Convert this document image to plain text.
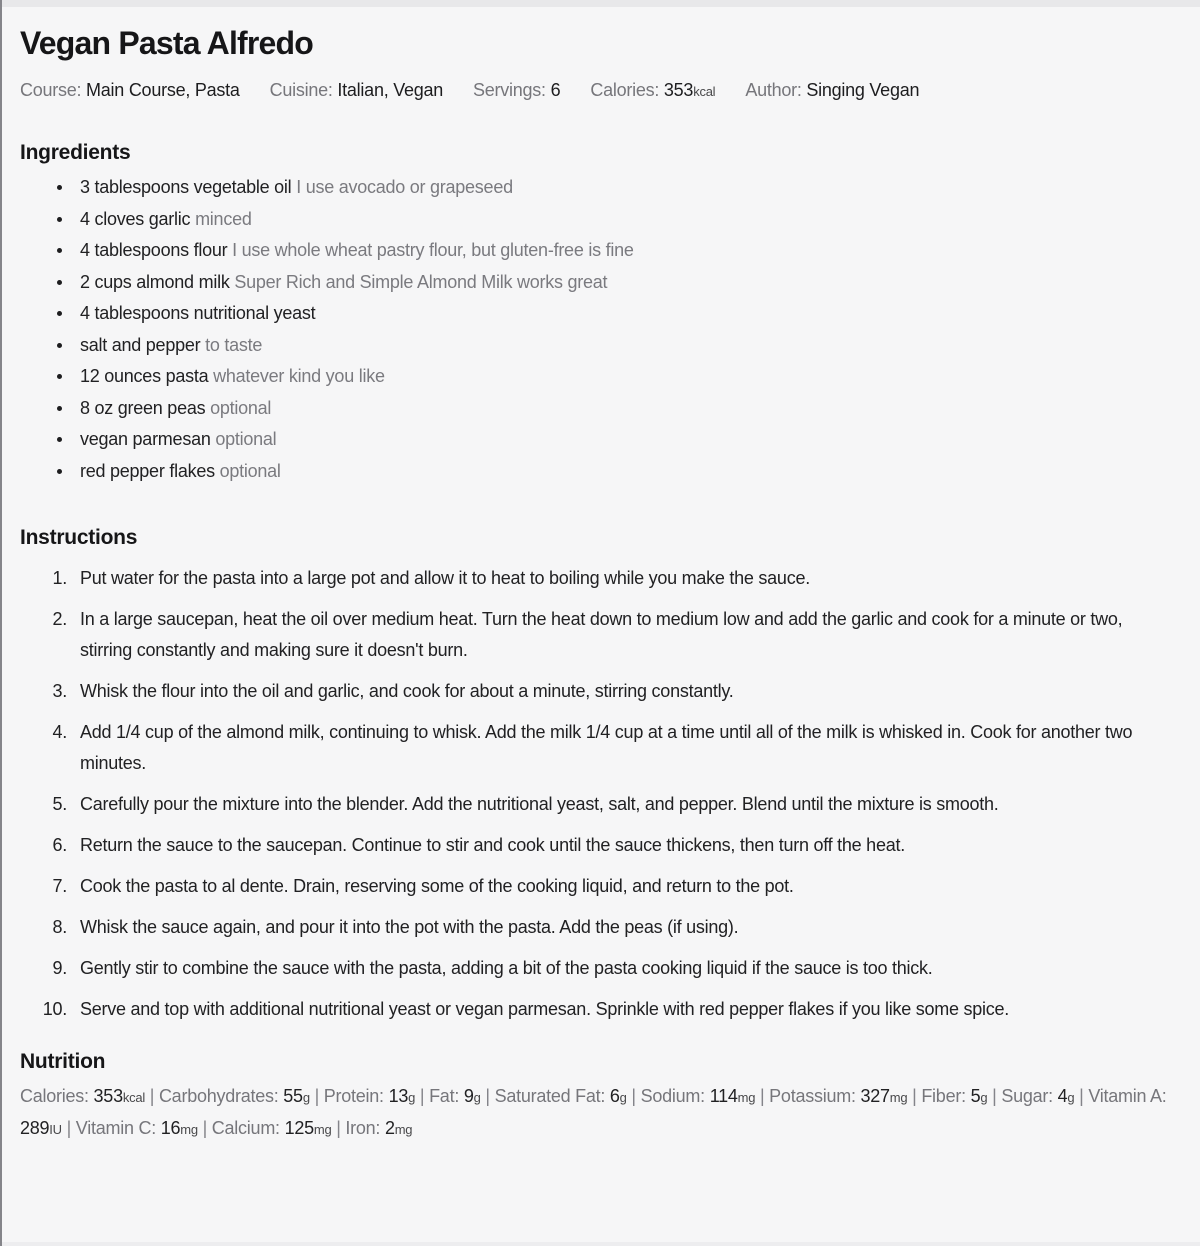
Vegan Pasta Alfredo
Course: Main Course, Pasta Cuisine: Italian, Vegan Servings: 6 Calories: 353kcal Author: Singing Vegan
Ingredients
3 tablespoons vegetable oil I use avocado or grapeseed
4 cloves garlic minced
4 tablespoons flour I use whole wheat pastry flour, but gluten-free is fine
2 cups almond milk Super Rich and Simple Almond Milk works great
4 tablespoons nutritional yeast
salt and pepper to taste
12 ounces pasta whatever kind you like
8 oz green peas optional
vegan parmesan optional
red pepper flakes optional
Instructions
1. Put water for the pasta into a large pot and allow it to heat to boiling while you make the sauce.
2. In a large saucepan, heat the oil over medium heat. Turn the heat down to medium low and add the garlic and cook for a minute or two, stirring constantly and making sure it doesn't burn.
3. Whisk the flour into the oil and garlic, and cook for about a minute, stirring constantly.
4. Add 1/4 cup of the almond milk, continuing to whisk. Add the milk 1/4 cup at a time until all of the milk is whisked in. Cook for another two minutes.
5. Carefully pour the mixture into the blender. Add the nutritional yeast, salt, and pepper. Blend until the mixture is smooth.
6. Return the sauce to the saucepan. Continue to stir and cook until the sauce thickens, then turn off the heat.
7. Cook the pasta to al dente. Drain, reserving some of the cooking liquid, and return to the pot.
8. Whisk the sauce again, and pour it into the pot with the pasta. Add the peas (if using).
9. Gently stir to combine the sauce with the pasta, adding a bit of the pasta cooking liquid if the sauce is too thick.
10. Serve and top with additional nutritional yeast or vegan parmesan. Sprinkle with red pepper flakes if you like some spice.
Nutrition

Calories: 353kcal | Carbohydrates: 55g | Protein: 13g | Fat: 9g | Saturated Fat: 6g | Sodium: 114mg | Potassium: 327mg | Fiber: 5g | Sugar: 4g | Vitamin A: 289IU | Vitamin C: 16mg | Calcium: 125mg | Iron: 2mg
